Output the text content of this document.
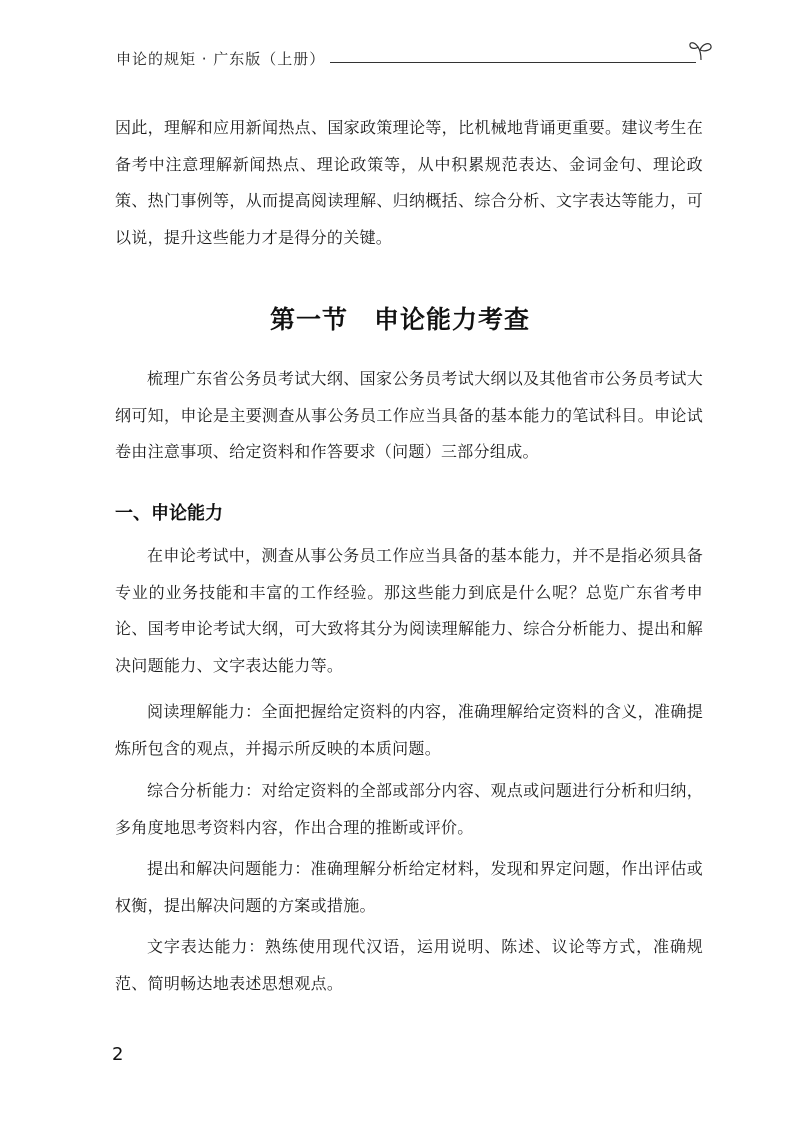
申论的规矩 · 广东版（上册）

因此，理解和应用新闻热点、国家政策理论等，比机械地背诵更重要。建议考生在备考中注意理解新闻热点、理论政策等，从中积累规范表达、金词金句、理论政策、热门事例等，从而提高阅读理解、归纳概括、综合分析、文字表达等能力，可以说，提升这些能力才是得分的关键。

第一节　申论能力考查

梳理广东省公务员考试大纲、国家公务员考试大纲以及其他省市公务员考试大纲可知，申论是主要测查从事公务员工作应当具备的基本能力的笔试科目。申论试卷由注意事项、给定资料和作答要求（问题）三部分组成。

一、申论能力

在申论考试中，测查从事公务员工作应当具备的基本能力，并不是指必须具备专业的业务技能和丰富的工作经验。那这些能力到底是什么呢？总览广东省考申论、国考申论考试大纲，可大致将其分为阅读理解能力、综合分析能力、提出和解决问题能力、文字表达能力等。

阅读理解能力：全面把握给定资料的内容，准确理解给定资料的含义，准确提炼所包含的观点，并揭示所反映的本质问题。

综合分析能力：对给定资料的全部或部分内容、观点或问题进行分析和归纳，多角度地思考资料内容，作出合理的推断或评价。

提出和解决问题能力：准确理解分析给定材料，发现和界定问题，作出评估或权衡，提出解决问题的方案或措施。

文字表达能力：熟练使用现代汉语，运用说明、陈述、议论等方式，准确规范、简明畅达地表述思想观点。

2
